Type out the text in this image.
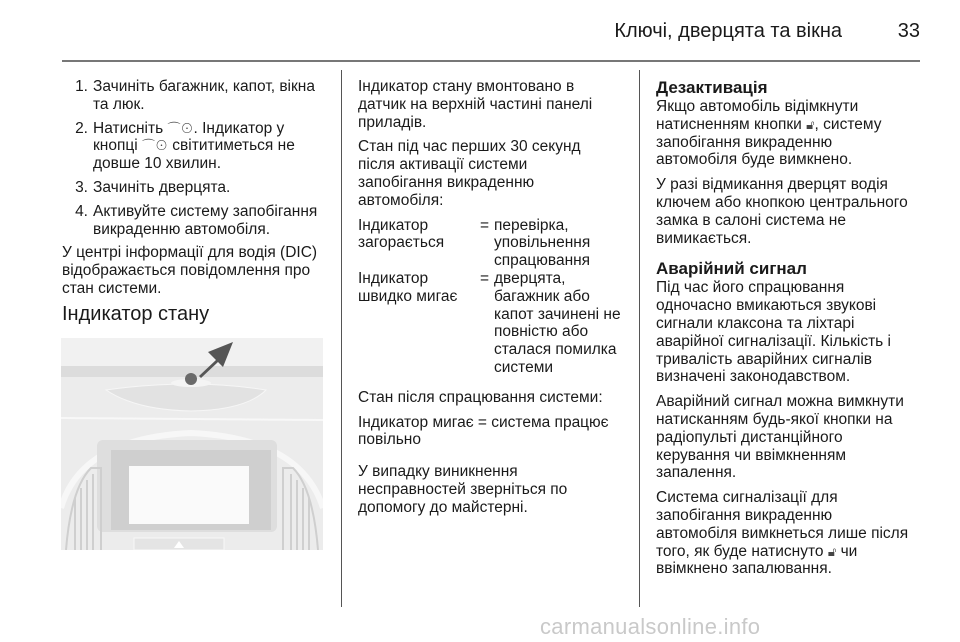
Ключі, дверцята та вікна	33
1. Зачиніть багажник, капот, вікна
та люк.
2. Натисніть ⌒⊙. Індикатор у
кнопці ⌒⊙ світитиметься не
довше 10 хвилин.
3. Зачиніть дверцята.
4. Активуйте систему запобігання
викраденню автомобіля.

У центрі інформації для водія (DIC)
відображається повідомлення про
стан системи.

Індикатор стану

Індикатор стану вмонтовано в
датчик на верхній частині панелі
приладів.

Стан під час перших 30 секунд
після активації системи
запобігання викраденню
автомобіля:

Індикатор
загорається
= перевірка,
уповільнення
спрацювання
Індикатор
швидко мигає
= дверцята,
багажник або
капот зачинені не
повністю або
сталася помилка
системи

Стан після спрацювання системи:

Індикатор мигає = система працює
повільно

У випадку виникнення
несправностей зверніться по
допомогу до майстерні.

Дезактивація

Якщо автомобіль відімкнути
натисненням кнопки 🔓︎, систему
запобігання викраденню
автомобіля буде вимкнено.

У разі відмикання дверцят водія
ключем або кнопкою центрального
замка в салоні система не
вимикається.

Аварійний сигнал

Під час його спрацювання
одночасно вмикаються звукові
сигнали клаксона та ліхтарі
аварійної сигналізації. Кількість і
тривалість аварійних сигналів
визначені законодавством.

Аварійний сигнал можна вимкнути
натисканням будь-якої кнопки на
радіопульті дистанційного
керування чи ввімкненням
запалення.

Система сигналізації для
запобігання викраденню
автомобіля вимкнеться лише після
того, як буде натиснуто 🔓︎ чи
ввімкнено запалювання.

carmanualsonline.info
